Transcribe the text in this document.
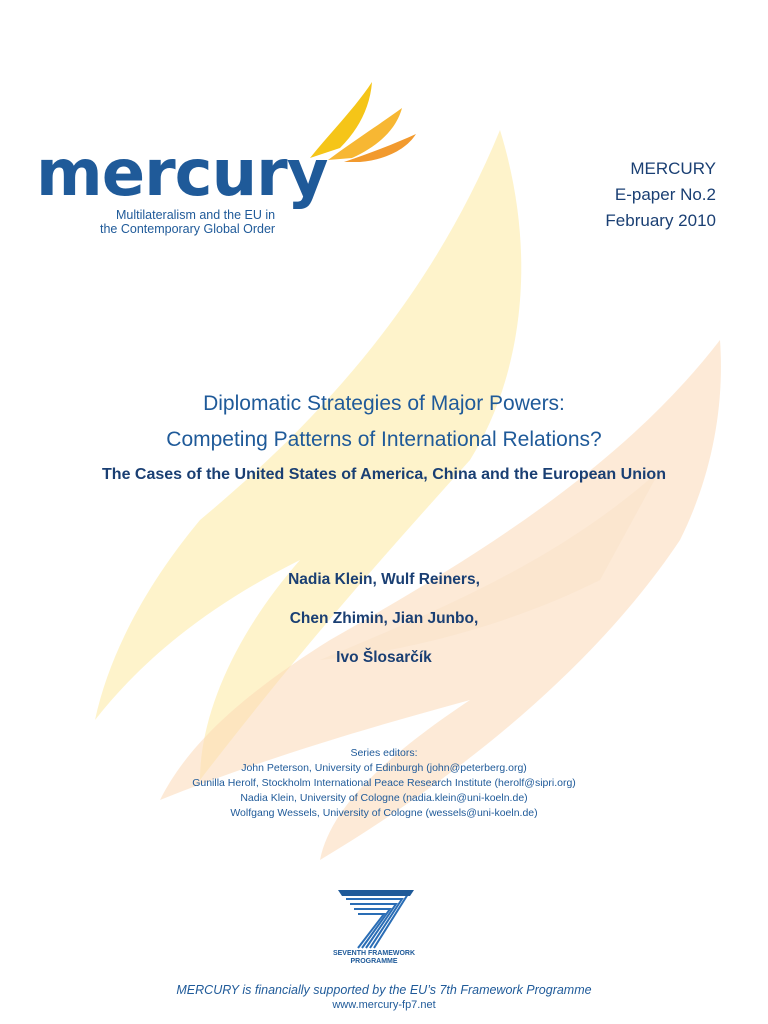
mercury
Multilateralism and the EU in
the Contemporary Global Order
MERCURY
E-paper No.2
February 2010
Diplomatic Strategies of Major Powers:
Competing Patterns of International Relations?
The Cases of the United States of America, China and the European Union
Nadia Klein, Wulf Reiners,
Chen Zhimin, Jian Junbo,
Ivo Šlosarčík
Series editors:
John Peterson, University of Edinburgh (john@peterberg.org)
Gunilla Herolf, Stockholm International Peace Research Institute (herolf@sipri.org)
Nadia Klein, University of Cologne (nadia.klein@uni-koeln.de)
Wolfgang Wessels, University of Cologne (wessels@uni-koeln.de)
SEVENTH FRAMEWORK
PROGRAMME
MERCURY is financially supported by the EU’s 7th Framework Programme
www.mercury-fp7.net
